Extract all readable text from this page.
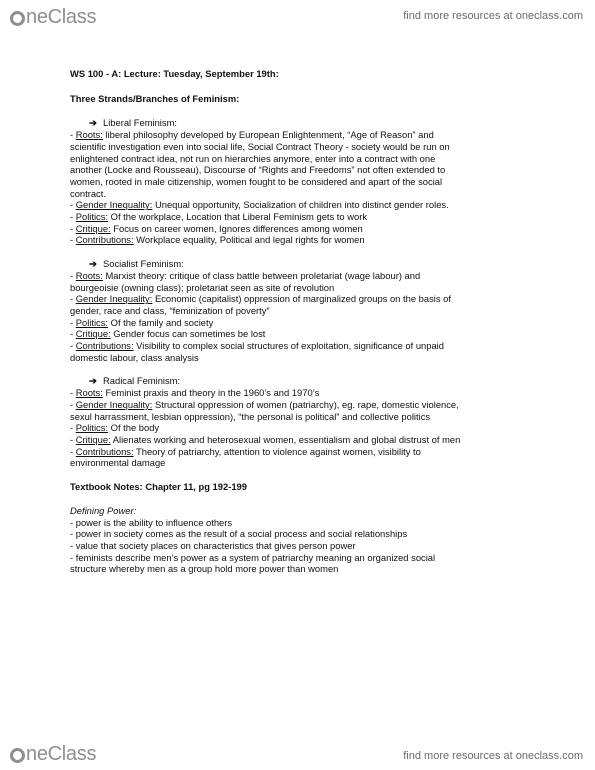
neClass	find more resources at oneclass.com
WS 100 - A: Lecture: Tuesday, September 19th:
Three Strands/Branches of Feminism:
➔ Liberal Feminism:
- Roots: liberal philosophy developed by European Enlightenment, “Age of Reason” and
scientific investigation even into social life, Social Contract Theory - society would be run on
enlightened contract idea, not run on hierarchies anymore, enter into a contract with one
another (Locke and Rousseau), Discourse of “Rights and Freedoms” not often extended to
women, rooted in male citizenship, women fought to be considered and apart of the social
contract.
- Gender Inequality: Unequal opportunity, Socialization of children into distinct gender roles.
- Politics: Of the workplace, Location that Liberal Feminism gets to work
- Critique: Focus on career women, Ignores differences among women
- Contributions: Workplace equality, Political and legal rights for women
➔ Socialist Feminism:
- Roots: Marxist theory: critique of class battle between proletariat (wage labour) and
bourgeoisie (owning class); proletariat seen as site of revolution
- Gender Inequality: Economic (capitalist) oppression of marginalized groups on the basis of
gender, race and class, “feminization of poverty”
- Politics: Of the family and society
- Critique: Gender focus can sometimes be lost
- Contributions: Visibility to complex social structures of exploitation, significance of unpaid
domestic labour, class analysis
➔ Radical Feminism:
- Roots: Feminist praxis and theory in the 1960’s and 1970’s
- Gender Inequality: Structural oppression of women (patriarchy), eg. rape, domestic violence,
sexul harrassment, lesbian oppression), “the personal is political” and collective politics
- Politics: Of the body
- Critique: Alienates working and heterosexual women, essentialism and global distrust of men
- Contributions: Theory of patriarchy, attention to violence against women, visibility to
environmental damage
Textbook Notes: Chapter 11, pg 192-199
Defining Power:
- power is the ability to influence others
- power in society comes as the result of a social process and social relationships
- value that society places on characteristics that gives person power
- feminists describe men’s power as a system of patriarchy meaning an organized social
structure whereby men as a group hold more power than women
neClass	find more resources at oneclass.com
